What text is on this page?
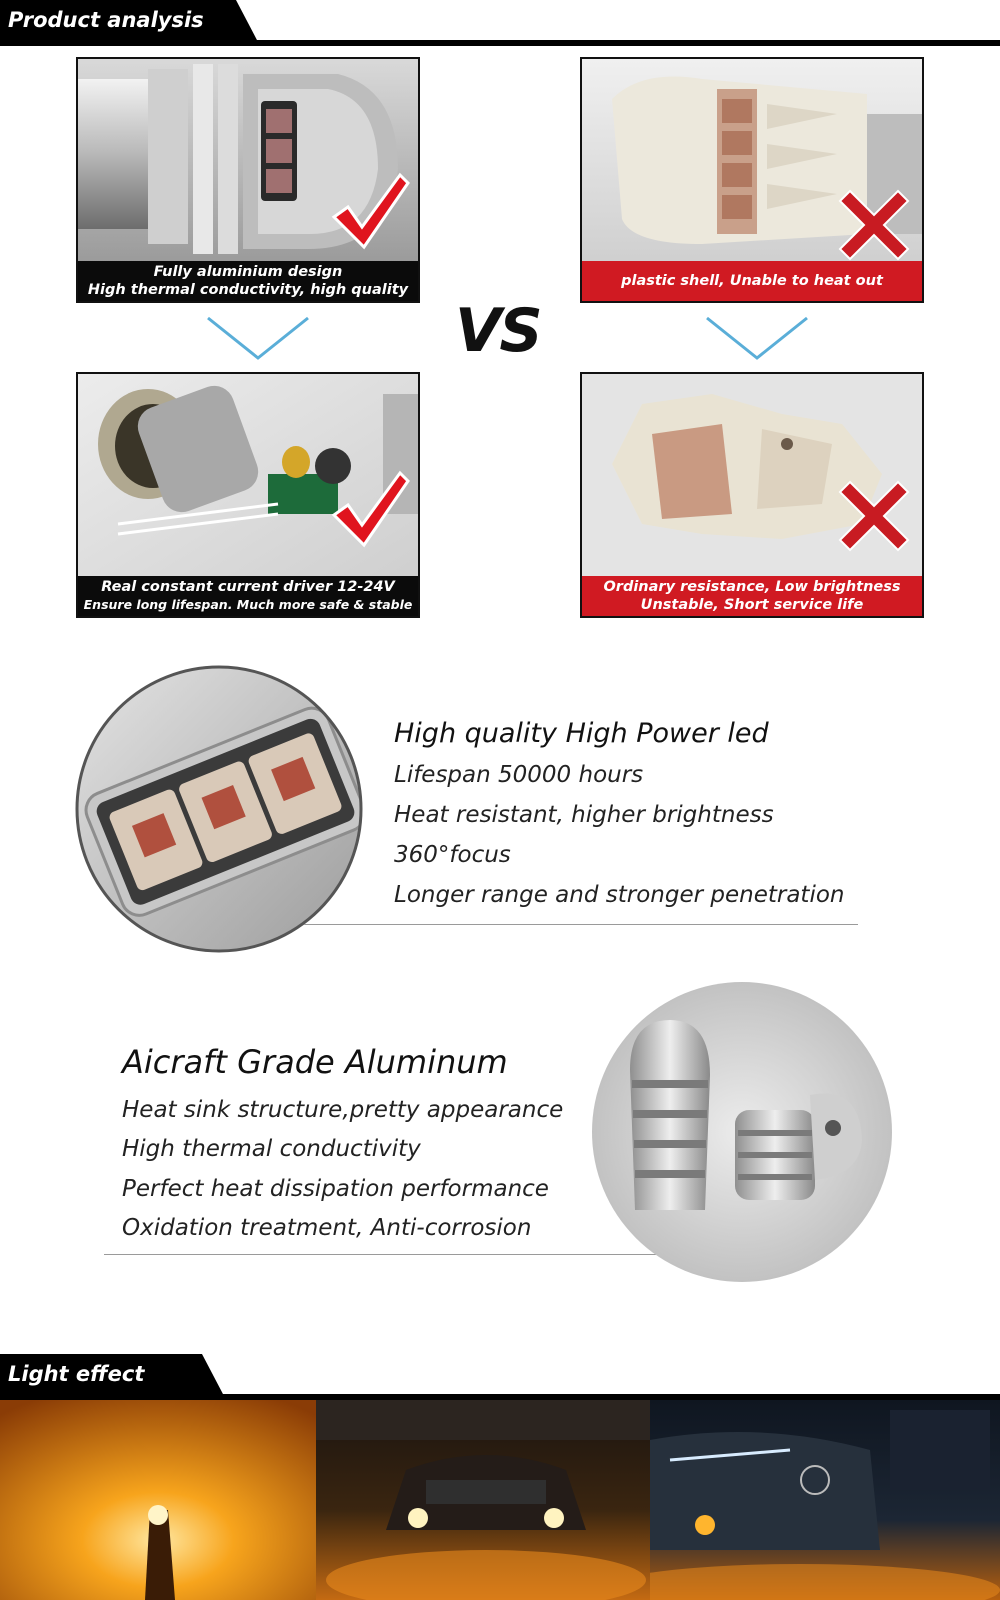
Product analysis
Fully aluminium design
High thermal conductivity, high quality
Real constant current driver 12-24V
Ensure long lifespan. Much more safe & stable
VS
plastic shell, Unable to heat out
Ordinary resistance, Low brightness
Unstable, Short service life
High quality High Power led
Lifespan 50000 hours
Heat resistant, higher brightness
360°focus
Longer range and stronger penetration
Aicraft Grade Aluminum
Heat sink structure,pretty appearance
High thermal conductivity
Perfect heat dissipation performance
Oxidation treatment, Anti-corrosion
Light effect
